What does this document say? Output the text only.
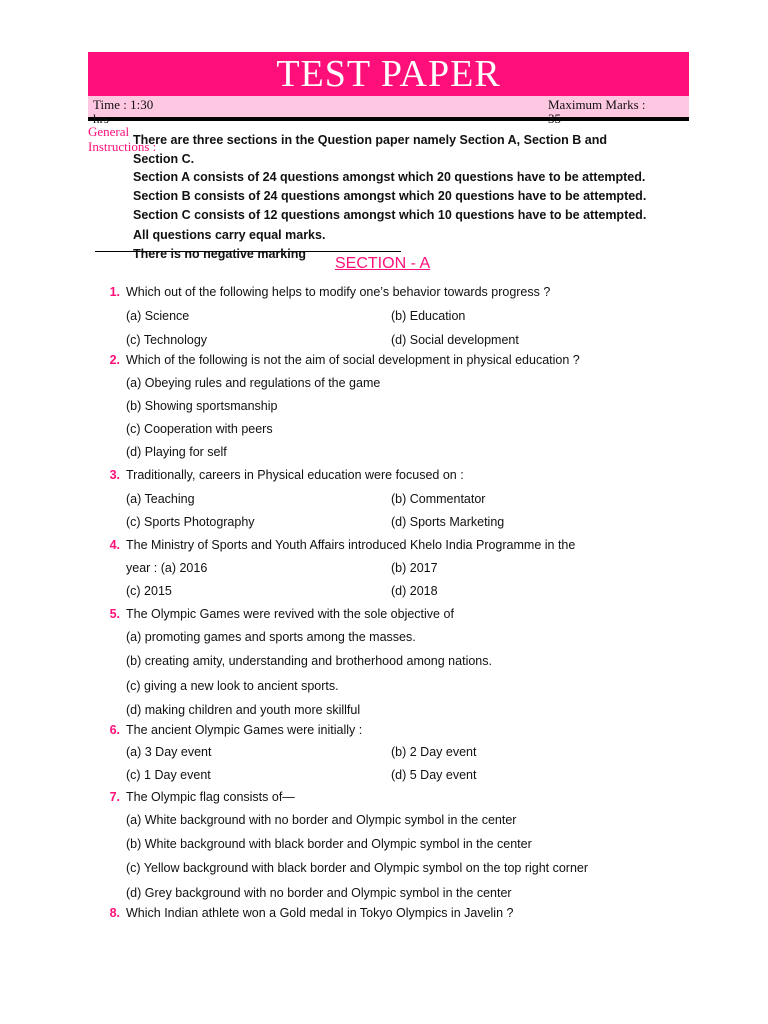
TEST PAPER
Time : 1:30
hrs
Maximum Marks :
35
General
Instructions :
There are three sections in the Question paper namely Section A, Section B and
Section C.
Section A consists of 24 questions amongst which 20 questions have to be attempted.
Section B consists of 24 questions amongst which 20 questions have to be attempted.
Section C consists of 12 questions amongst which 10 questions have to be attempted.
All questions carry equal marks.
There is no negative marking
SECTION - A
1. Which out of the following helps to modify one’s behavior towards progress ?
(a) Science	(b) Education
(c) Technology	(d) Social development
2. Which of the following is not the aim of social development in physical education ?
(a) Obeying rules and regulations of the game
(b) Showing sportsmanship
(c) Cooperation with peers
(d) Playing for self
3. Traditionally, careers in Physical education were focused on :
(a) Teaching	(b) Commentator
(c) Sports Photography	(d) Sports Marketing
4. The Ministry of Sports and Youth Affairs introduced Khelo India Programme in the
year : (a) 2016	(b) 2017
(c) 2015	(d) 2018
5. The Olympic Games were revived with the sole objective of
(a) promoting games and sports among the masses.
(b) creating amity, understanding and brotherhood among nations.
(c) giving a new look to ancient sports.
(d) making children and youth more skillful
6. The ancient Olympic Games were initially :
(a) 3 Day event	(b) 2 Day event
(c) 1 Day event	(d) 5 Day event
7. The Olympic flag consists of—
(a) White background with no border and Olympic symbol in the center
(b) White background with black border and Olympic symbol in the center
(c) Yellow background with black border and Olympic symbol on the top right corner
(d) Grey background with no border and Olympic symbol in the center
8. Which Indian athlete won a Gold medal in Tokyo Olympics in Javelin ?
